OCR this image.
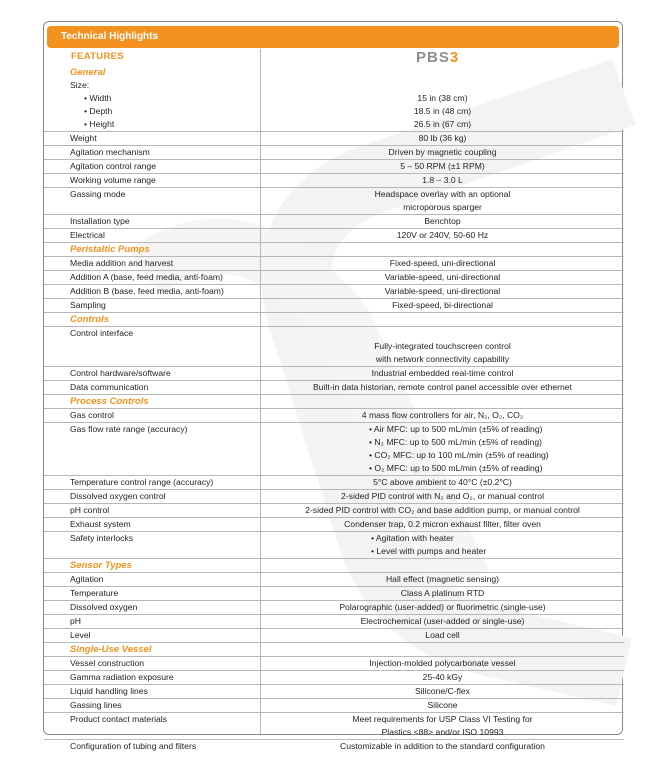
Technical Highlights
FEATURES	PBS3
General
Size:
• Width	15 in (38 cm)
• Depth	18.5 in (48 cm)
• Height	26.5 in (67 cm)
Weight	80 lb (36 kg)
Agitation mechanism	Driven by magnetic coupling
Agitation control range	5 – 50 RPM (±1 RPM)
Working volume range	1.8 – 3.0 L
Gassing mode	Headspace overlay with an optional
microporous sparger
Installation type	Benchtop
Electrical	120V or 240V, 50-60 Hz
Peristaltic Pumps
Media addition and harvest	Fixed-speed, uni-directional
Addition A (base, feed media, anti-foam)	Variable-speed, uni-directional
Addition B (base, feed media, anti-foam)	Variable-speed, uni-directional
Sampling	Fixed-speed, bi-directional
Controls
Control interface
Fully-integrated touchscreen control
with network connectivity capability
Control hardware/software	Industrial embedded real-time control
Data communication	Built-in data historian, remote control panel accessible over ethernet
Process Controls
Gas control	4 mass flow controllers for air, N₂, O₂, CO₂
Gas flow rate range (accuracy)	• Air MFC: up to 500 mL/min (±5% of reading)
• N₂ MFC: up to 500 mL/min (±5% of reading)
• CO₂ MFC: up to 100 mL/min (±5% of reading)
• O₂ MFC: up to 500 mL/min (±5% of reading)
Temperature control range (accuracy)	5°C above ambient to 40°C (±0.2°C)
Dissolved oxygen control	2-sided PID control with N₂ and O₂, or manual control
pH control	2-sided PID control with CO₂ and base addition pump, or manual control
Exhaust system	Condenser trap, 0.2 micron exhaust filter, filter oven
Safety interlocks	• Agitation with heater
• Level with pumps and heater
Sensor Types
Agitation	Hall effect (magnetic sensing)
Temperature	Class A platinum RTD
Dissolved oxygen	Polarographic (user-added) or fluorimetric (single-use)
pH	Electrochemical (user-added or single-use)
Level	Load cell
Single-Use Vessel
Vessel construction	Injection-molded polycarbonate vessel
Gamma radiation exposure	25-40 kGy
Liquid handling lines	Silicone/C-flex
Gassing lines	Silicone
Product contact materials	Meet requirements for USP Class VI Testing for
Plastics <88> and/or ISO 10993
Configuration of tubing and filters	Customizable in addition to the standard configuration
